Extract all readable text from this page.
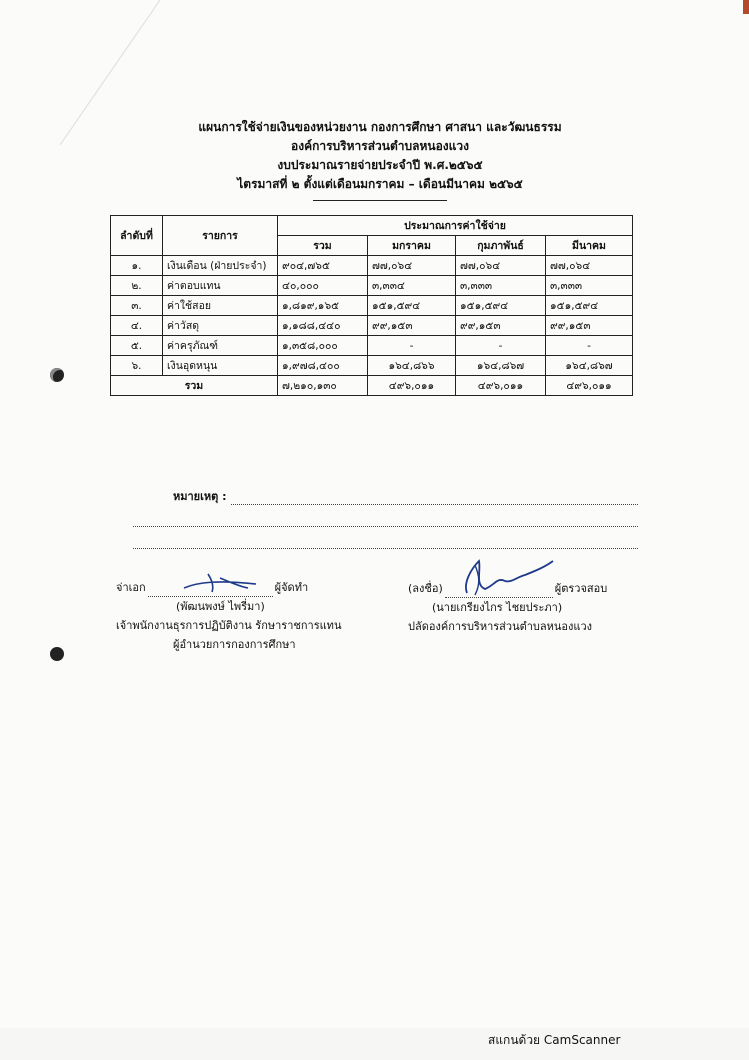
แผนการใช้จ่ายเงินของหน่วยงาน กองการศึกษา ศาสนา และวัฒนธรรม
องค์การบริหารส่วนตำบลหนองแวง
งบประมาณรายจ่ายประจำปี พ.ศ.๒๕๖๕
ไตรมาสที่ ๒ ตั้งแต่เดือนมกราคม – เดือนมีนาคม ๒๕๖๕
ลำดับที่	รายการ	ประมาณการค่าใช้จ่าย			
		รวม	มกราคม	กุมภาพันธ์	มีนาคม
๑.	เงินเดือน (ฝ่ายประจำ)	๙๐๔,๗๖๕	๗๗,๐๖๔	๗๗,๐๖๔	๗๗,๐๖๔
๒.	ค่าตอบแทน	๔๐,๐๐๐	๓,๓๓๔	๓,๓๓๓	๓,๓๓๓
๓.	ค่าใช้สอย	๑,๘๑๙,๑๖๕	๑๕๑,๕๙๔	๑๕๑,๕๙๔	๑๕๑,๕๙๔
๔.	ค่าวัสดุ	๑,๑๘๘,๔๔๐	๙๙,๑๕๓	๙๙,๑๕๓	๙๙,๑๕๓
๕.	ค่าครุภัณฑ์	๑,๓๕๘,๐๐๐	-	-	-
๖.	เงินอุดหนุน	๑,๙๗๘,๔๐๐	๑๖๔,๘๖๖	๑๖๔,๘๖๗	๑๖๔,๘๖๗
รวม		๗,๒๑๐,๑๓๐	๔๙๖,๐๑๑	๔๙๖,๐๑๑	๔๙๖,๐๑๑
หมายเหตุ :
จ่าเอก	ผู้จัดทำ
(พัฒนพงษ์ ไพรี่มา)
เจ้าพนักงานธุรการปฏิบัติงาน รักษาราชการแทน
ผู้อำนวยการกองการศึกษา
(ลงชื่อ)	ผู้ตรวจสอบ
(นายเกรียงไกร ไชยประภา)
ปลัดองค์การบริหารส่วนตำบลหนองแวง
สแกนด้วย CamScanner
